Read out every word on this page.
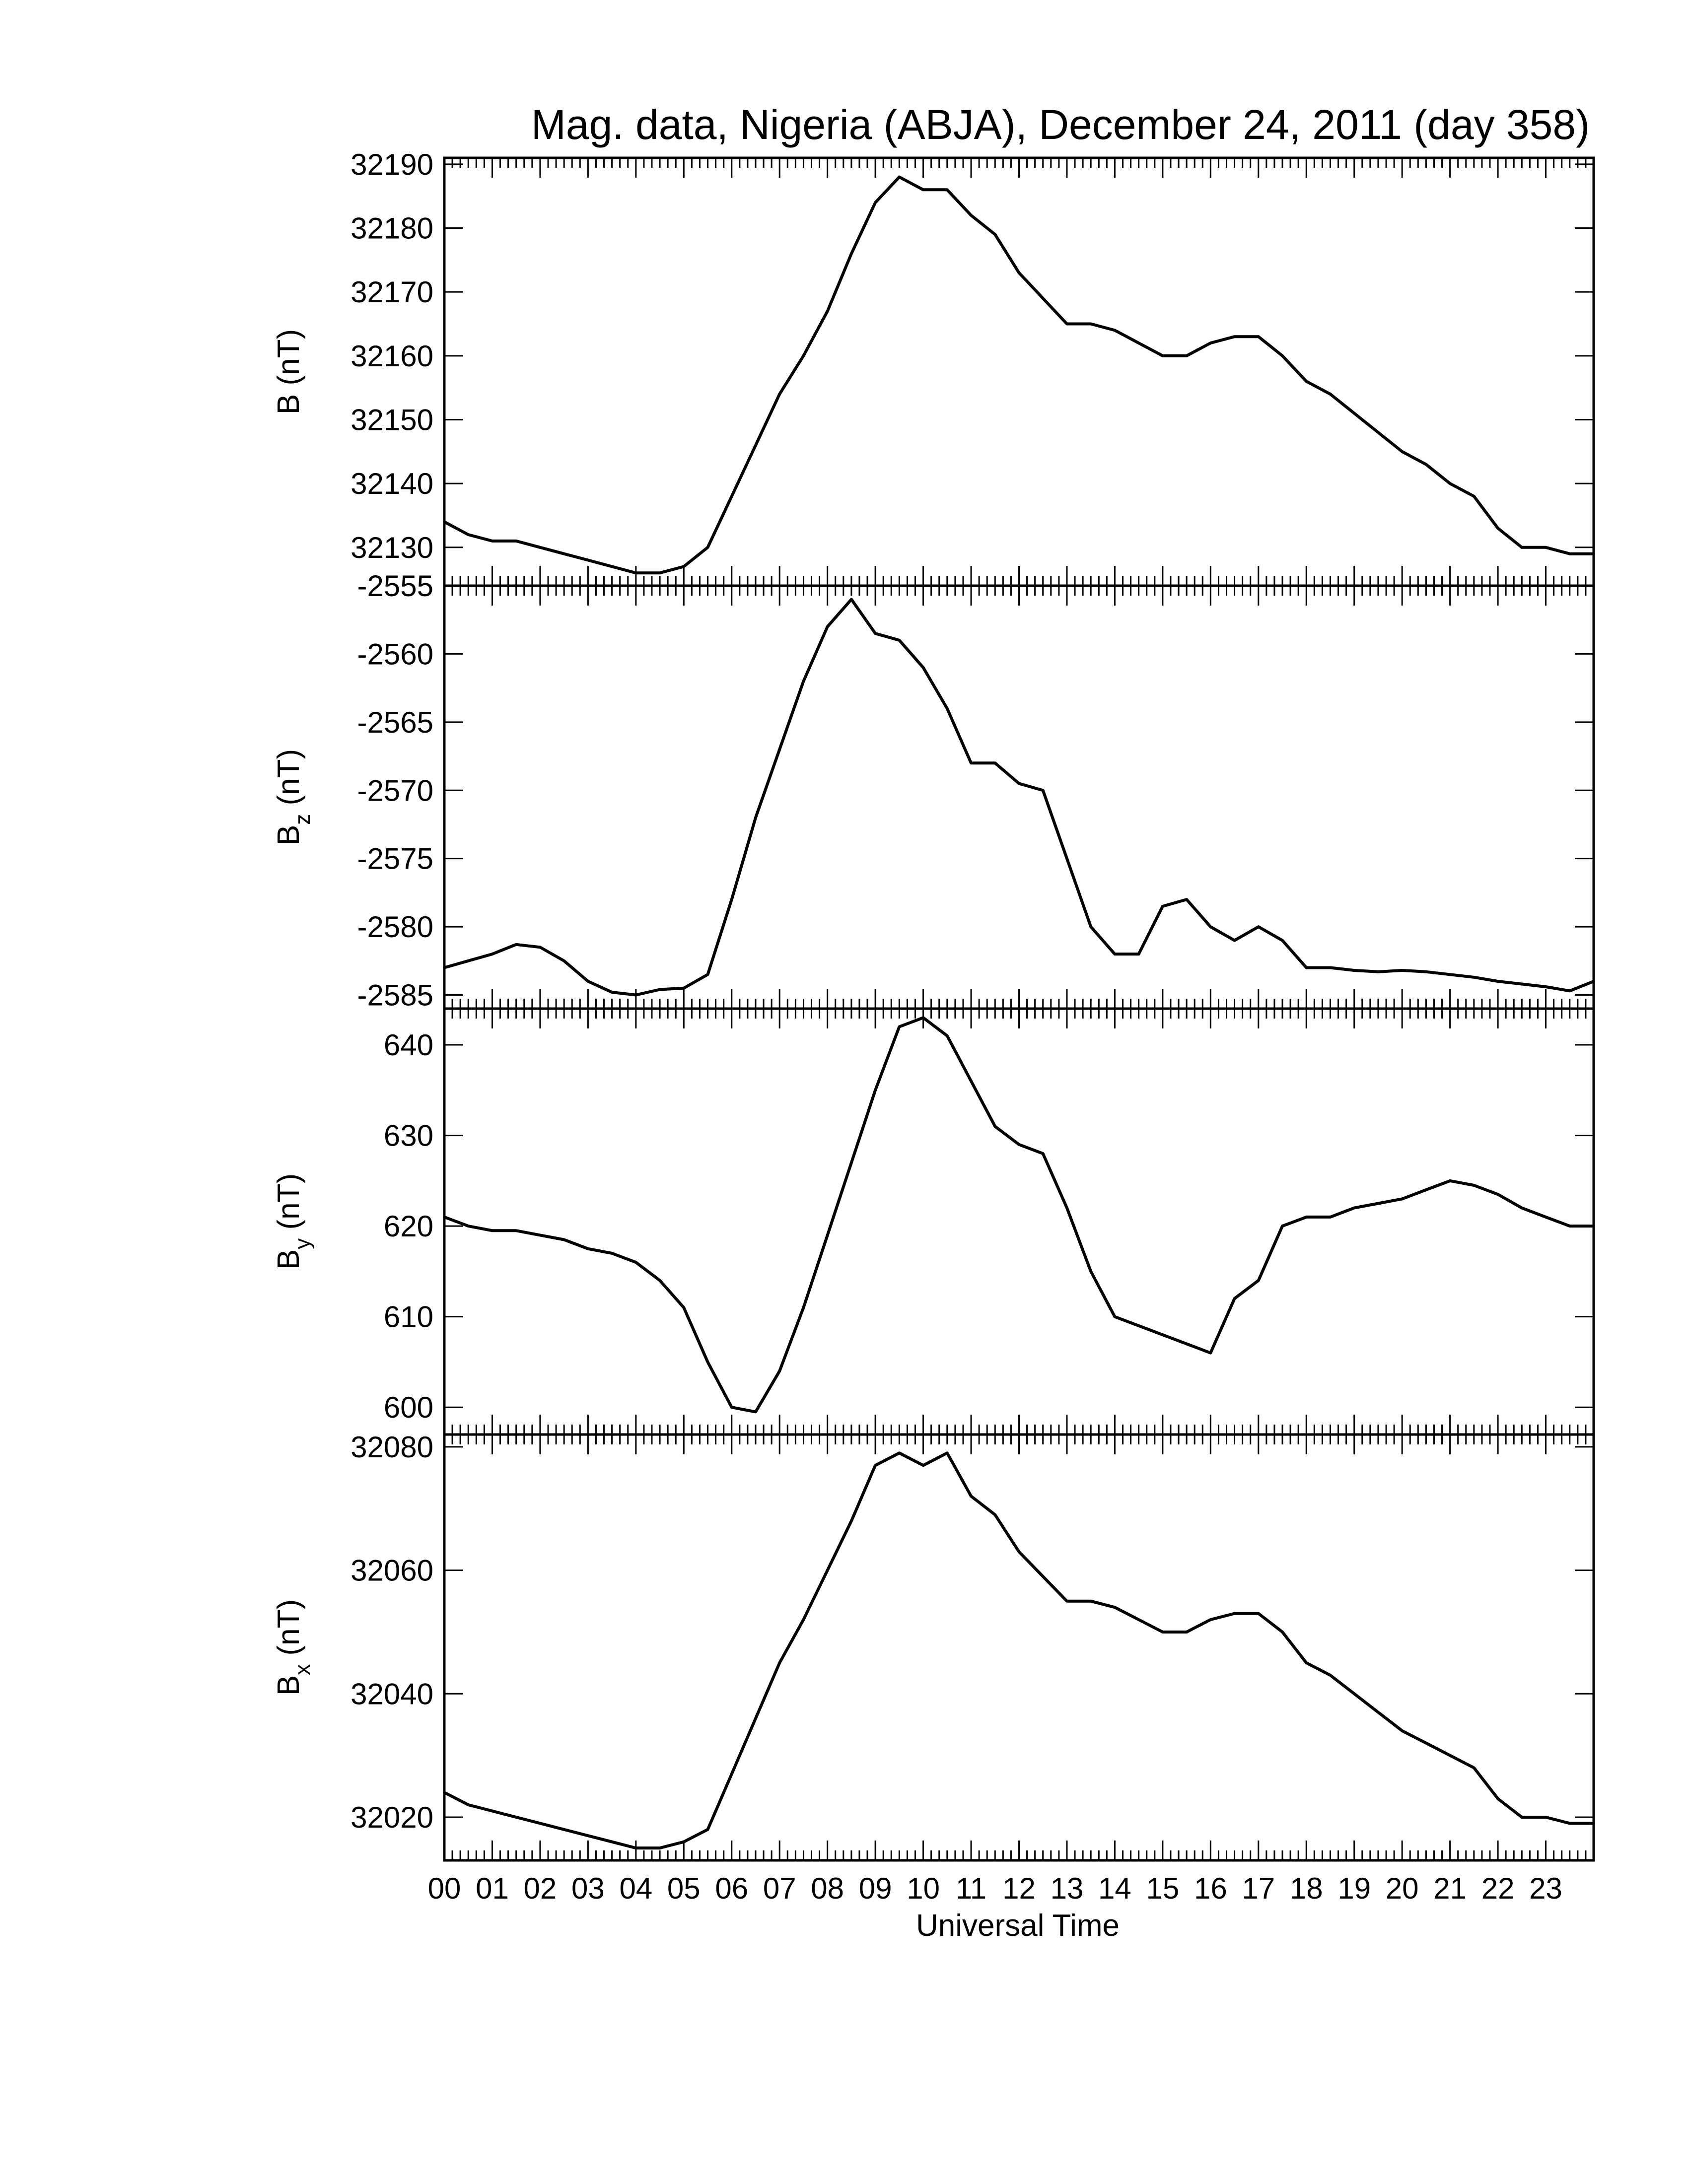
Mag. data, Nigeria (ABJA), December 24, 2011 (day 358)
Universal Time
32130
32140
32150
32160
32170
32180
32190
B (nT)
-2585
-2580
-2575
-2570
-2565
-2560
-2555
$B_z$ (nT)
600
610
620
630
640
$B_y$ (nT)
32020
32040
32060
32080
$B_x$ (nT)
00 01 02 03 04 05 06 07 08 09 10 11 12 13 14 15 16 17 18 19 20 21 22 23
